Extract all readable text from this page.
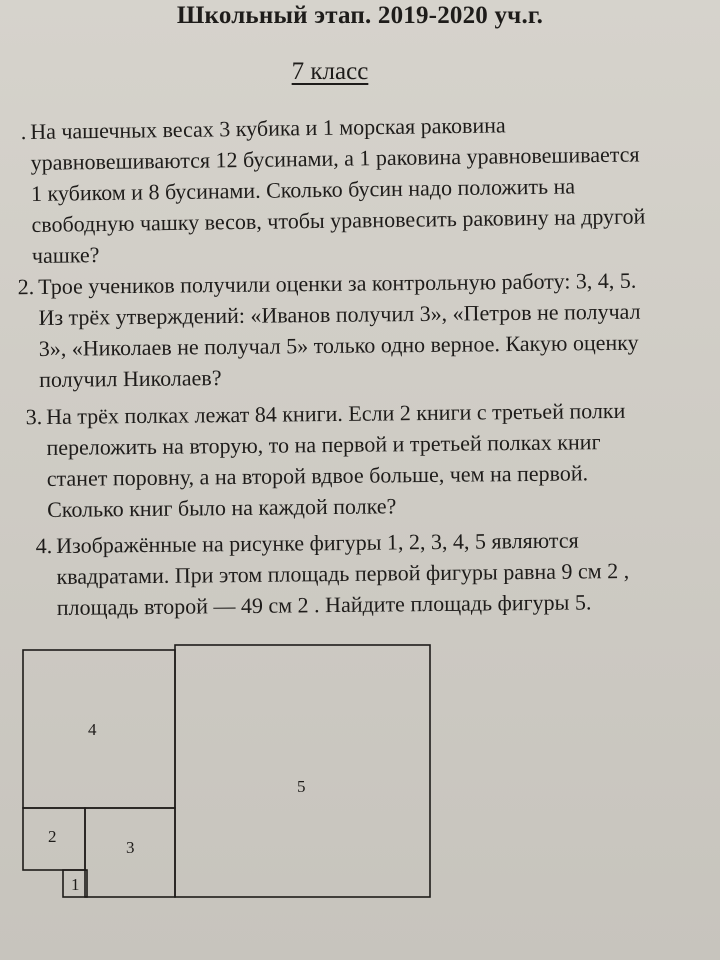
Школьный этап. 2019-2020 уч.г.
7 класс
. На чашечных весах 3 кубика и 1 морская раковина
уравновешиваются 12 бусинами, а 1 раковина уравновешивается
1 кубиком и 8 бусинами. Сколько бусин надо положить на
свободную чашку весов, чтобы уравновесить раковину на другой
чашке?
2. Трое учеников получили оценки за контрольную работу: 3, 4, 5.
Из трёх утверждений: «Иванов получил 3», «Петров не получал
3», «Николаев не получал 5» только одно верное. Какую оценку
получил Николаев?
3. На трёх полках лежат 84 книги. Если 2 книги с третьей полки
переложить на вторую, то на первой и третьей полках книг
станет поровну, а на второй вдвое больше, чем на первой.
Сколько книг было на каждой полке?
4. Изображённые на рисунке фигуры 1, 2, 3, 4, 5 являются
квадратами. При этом площадь первой фигуры равна 9 см 2 ,
площадь второй — 49 см 2 . Найдите площадь фигуры 5.
4
5
2
3
1
